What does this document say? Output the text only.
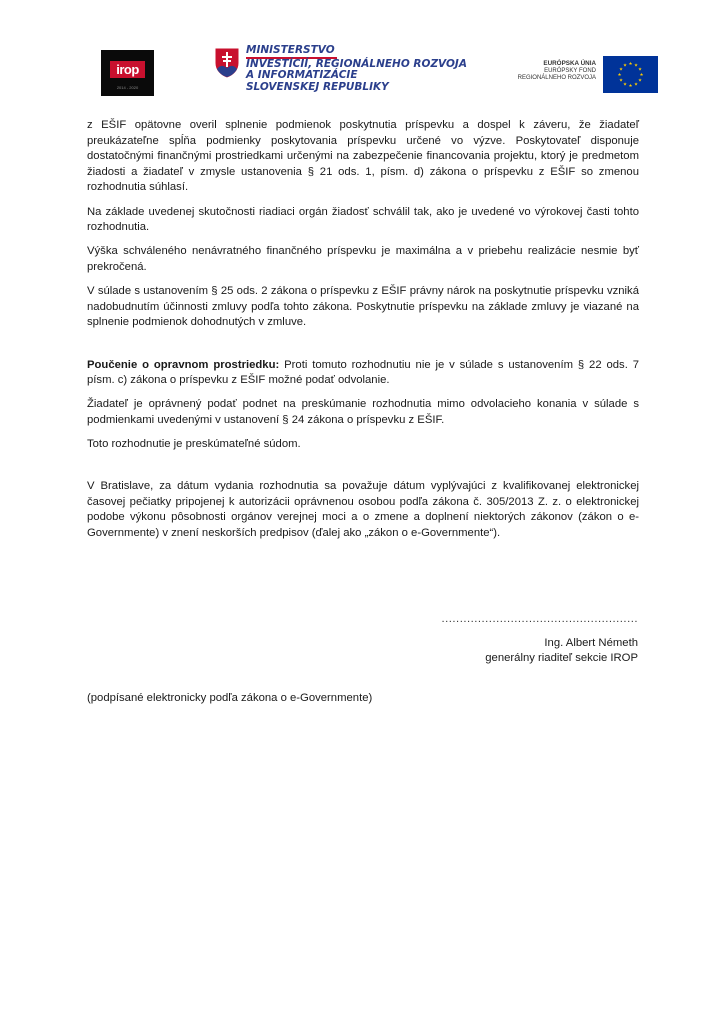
irop
2014 - 2020
MINISTERSTVO
INVESTÍCIÍ, REGIONÁLNEHO ROZVOJA
A INFORMATIZÁCIE
SLOVENSKEJ REPUBLIKY
EURÓPSKA ÚNIA
EURÓPSKY FOND
REGIONÁLNEHO ROZVOJA
★ ★
★
★
★
★
★
★
★
★
★
★

z EŠIF opätovne overil splnenie podmienok poskytnutia príspevku a dospel k záveru, že žiadateľ preukázateľne spĺňa podmienky poskytovania príspevku určené vo výzve. Poskytovateľ disponuje dostatočnými finančnými prostriedkami určenými na zabezpečenie financovania projektu, ktorý je predmetom žiadosti a žiadateľ v zmysle ustanovenia § 21 ods. 1, písm. d) zákona o príspevku z EŠIF so zmenou rozhodnutia súhlasí.

Na základe uvedenej skutočnosti riadiaci orgán žiadosť schválil tak, ako je uvedené vo výrokovej časti tohto rozhodnutia.

Výška schváleného nenávratného finančného príspevku je maximálna a v priebehu realizácie nesmie byť prekročená.

V súlade s ustanovením § 25 ods. 2 zákona o príspevku z EŠIF právny nárok na poskytnutie príspevku vzniká nadobudnutím účinnosti zmluvy podľa tohto zákona. Poskytnutie príspevku na základe zmluvy je viazané na splnenie podmienok dohodnutých v zmluve.

Poučenie o opravnom prostriedku: Proti tomuto rozhodnutiu nie je v súlade s ustanovením § 22 ods. 7 písm. c) zákona o príspevku z EŠIF možné podať odvolanie.

Žiadateľ je oprávnený podať podnet na preskúmanie rozhodnutia mimo odvolacieho konania v súlade s podmienkami uvedenými v ustanovení § 24 zákona o príspevku z EŠIF.

Toto rozhodnutie je preskúmateľné súdom.

V Bratislave, za dátum vydania rozhodnutia sa považuje dátum vyplývajúci z kvalifikovanej elektronickej časovej pečiatky pripojenej k autorizácii oprávnenou osobou podľa zákona č. 305/2013 Z. z. o elektronickej podobe výkonu pôsobnosti orgánov verejnej moci a o zmene a doplnení niektorých zákonov (zákon o e-Governmente) v znení neskorších predpisov (ďalej ako „zákon o e-Governmente“).

......................................................
Ing. Albert Németh
generálny riaditeľ sekcie IROP
(podpísané elektronicky podľa zákona o e-Governmente)
